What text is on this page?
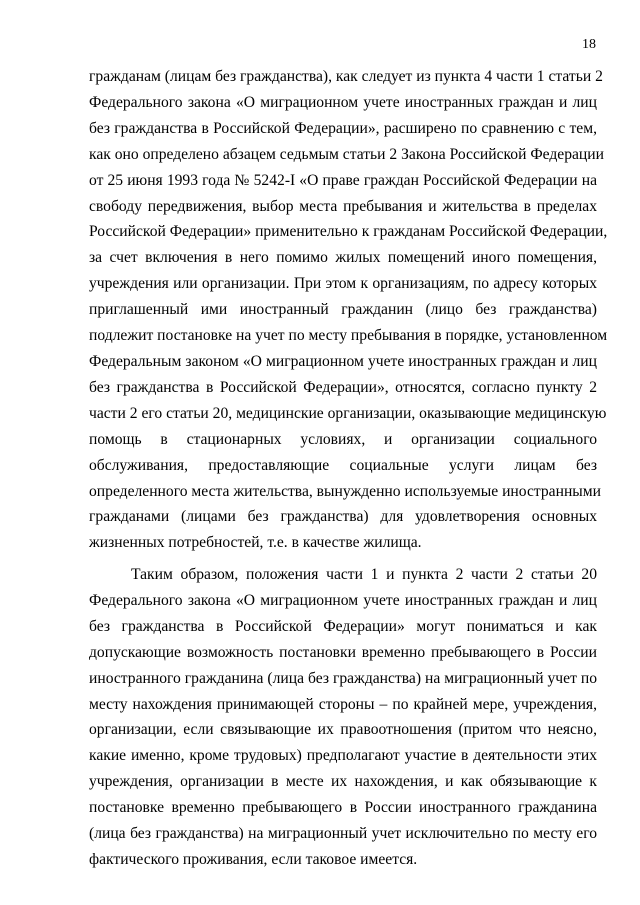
18
гражданам (лицам без гражданства), как следует из пункта 4 части 1 статьи 2
Федерального закона «О миграционном учете иностранных граждан и лиц
без гражданства в Российской Федерации», расширено по сравнению с тем,
как оно определено абзацем седьмым статьи 2 Закона Российской Федерации
от 25 июня 1993 года № 5242-I «О праве граждан Российской Федерации на
свободу передвижения, выбор места пребывания и жительства в пределах
Российской Федерации» применительно к гражданам Российской Федерации,
за счет включения в него помимо жилых помещений иного помещения,
учреждения или организации. При этом к организациям, по адресу которых
приглашенный ими иностранный гражданин (лицо без гражданства)
подлежит постановке на учет по месту пребывания в порядке, установленном
Федеральным законом «О миграционном учете иностранных граждан и лиц
без гражданства в Российской Федерации», относятся, согласно пункту 2
части 2 его статьи 20, медицинские организации, оказывающие медицинскую
помощь в стационарных условиях, и организации социального
обслуживания, предоставляющие социальные услуги лицам без
определенного места жительства, вынужденно используемые иностранными
гражданами (лицами без гражданства) для удовлетворения основных
жизненных потребностей, т.е. в качестве жилища.
Таким образом, положения части 1 и пункта 2 части 2 статьи 20
Федерального закона «О миграционном учете иностранных граждан и лиц
без гражданства в Российской Федерации» могут пониматься и как
допускающие возможность постановки временно пребывающего в России
иностранного гражданина (лица без гражданства) на миграционный учет по
месту нахождения принимающей стороны – по крайней мере, учреждения,
организации, если связывающие их правоотношения (притом что неясно,
какие именно, кроме трудовых) предполагают участие в деятельности этих
учреждения, организации в месте их нахождения, и как обязывающие к
постановке временно пребывающего в России иностранного гражданина
(лица без гражданства) на миграционный учет исключительно по месту его
фактического проживания, если таковое имеется.
